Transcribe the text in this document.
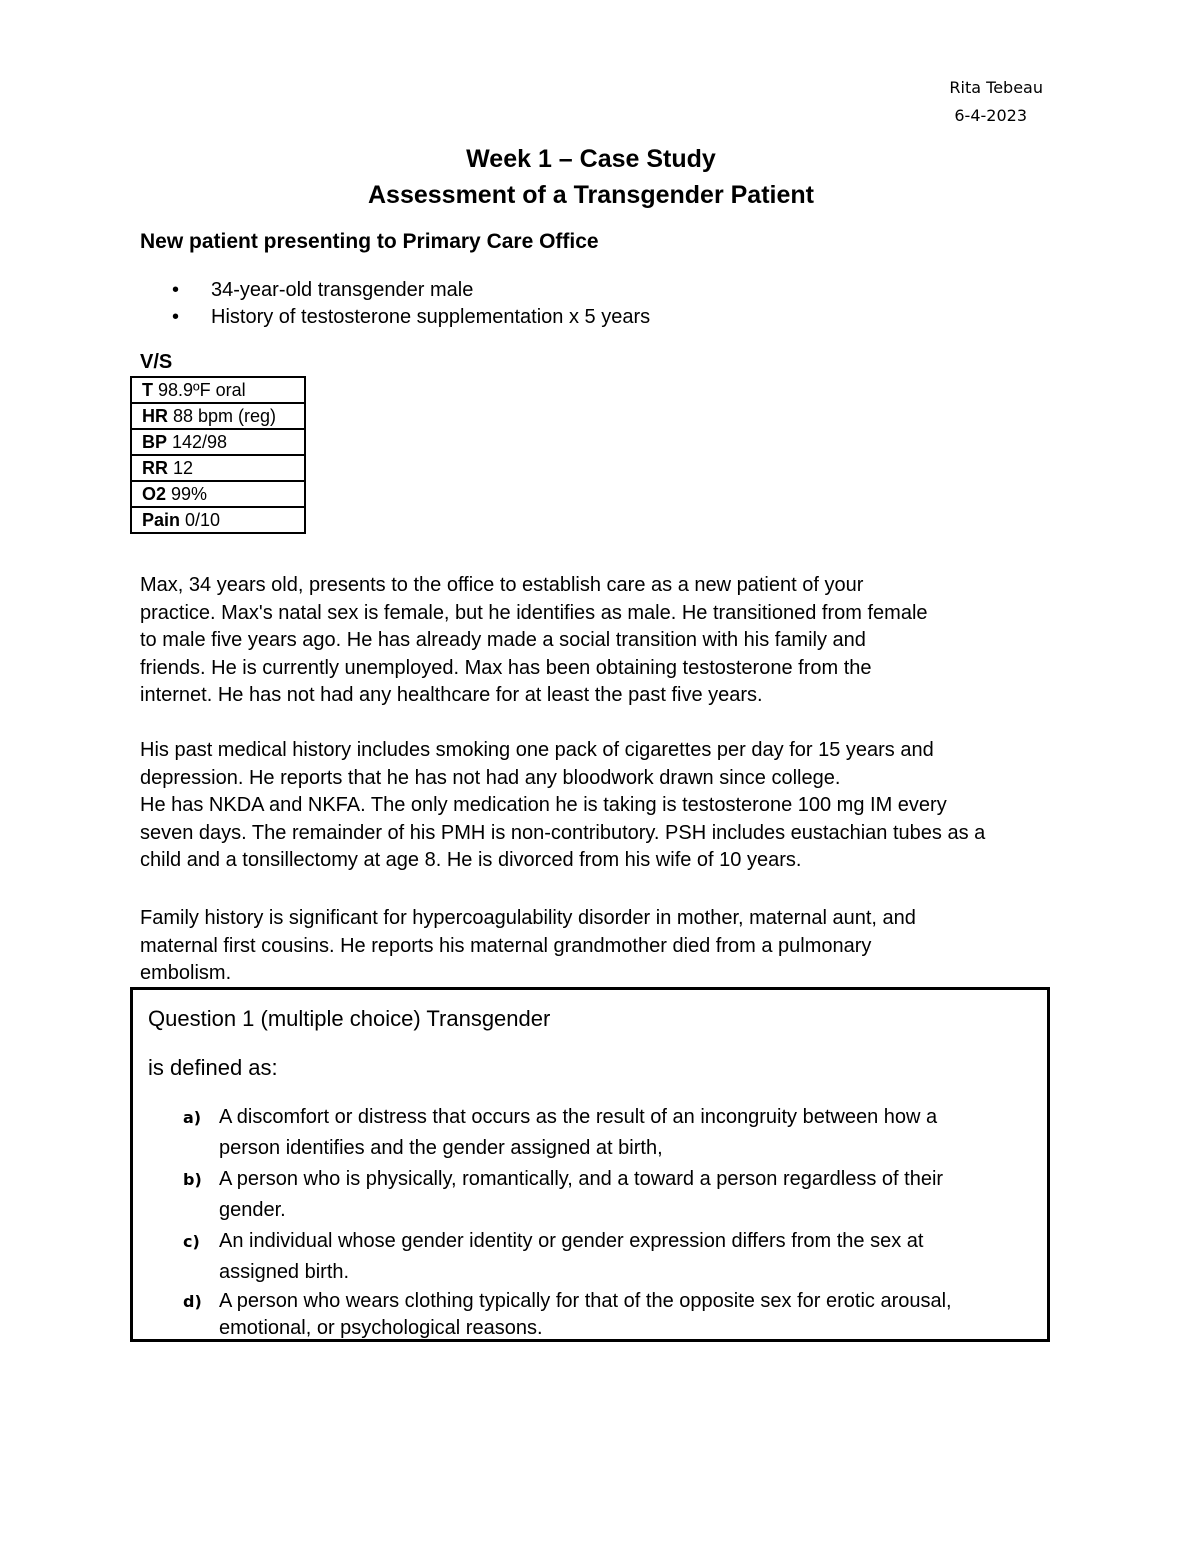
Rita Tebeau
6-4-2023
Week 1 – Case Study
Assessment of a Transgender Patient

New patient presenting to Primary Care Office

• 34-year-old transgender male
• History of testosterone supplementation x 5 years
V/S
T 98.9ºF oral
HR 88 bpm (reg)
BP 142/98
RR 12
O2 99%
Pain 0/10
Max, 34 years old, presents to the office to establish care as a new patient of your
practice. Max's natal sex is female, but he identifies as male. He transitioned from female
to male five years ago. He has already made a social transition with his family and
friends. He is currently unemployed. Max has been obtaining testosterone from the
internet. He has not had any healthcare for at least the past five years.
His past medical history includes smoking one pack of cigarettes per day for 15 years and
depression. He reports that he has not had any bloodwork drawn since college.
He has NKDA and NKFA. The only medication he is taking is testosterone 100 mg IM every
seven days. The remainder of his PMH is non-contributory. PSH includes eustachian tubes as a
child and a tonsillectomy at age 8. He is divorced from his wife of 10 years.
Family history is significant for hypercoagulability disorder in mother, maternal aunt, and
maternal first cousins. He reports his maternal grandmother died from a pulmonary
embolism.

Question 1 (multiple choice) Transgender

is defined as:

a) A discomfort or distress that occurs as the result of an incongruity between how a
person identifies and the gender assigned at birth,
b) A person who is physically, romantically, and a toward a person regardless of their
gender.
c) An individual whose gender identity or gender expression differs from the sex at
assigned birth.
d) A person who wears clothing typically for that of the opposite sex for erotic arousal,
emotional, or psychological reasons.
